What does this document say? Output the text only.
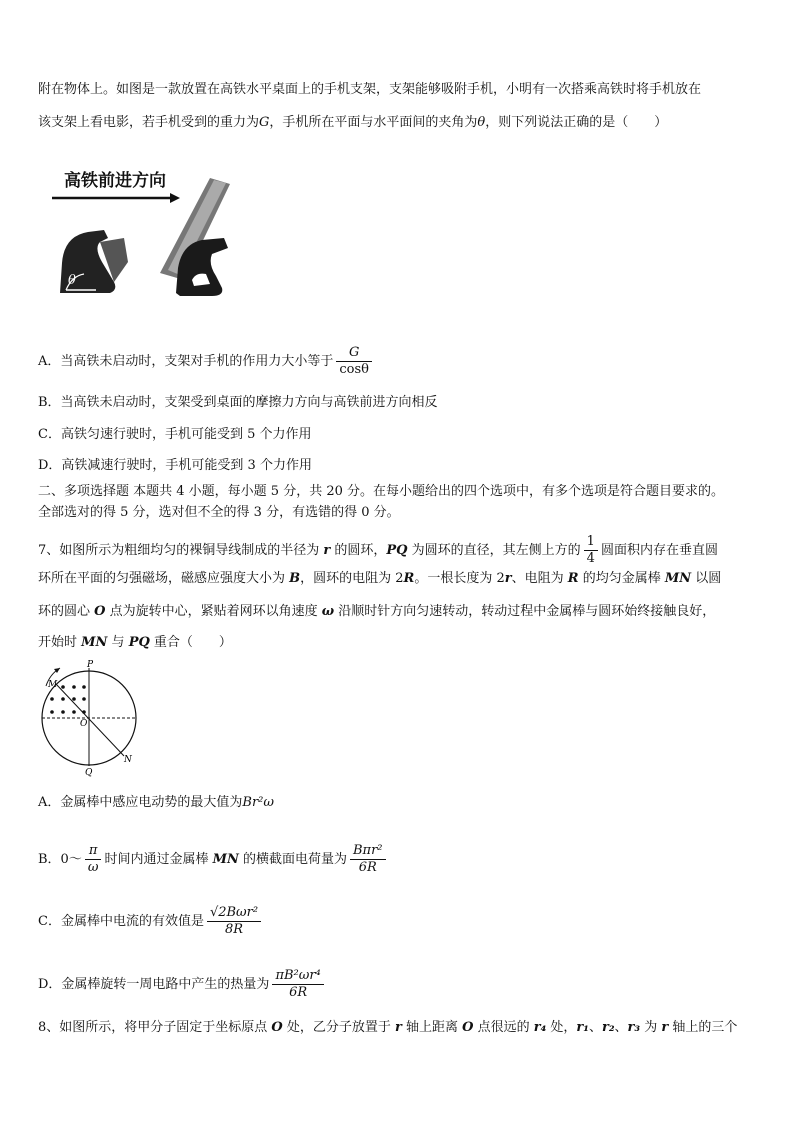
附在物体上。如图是一款放置在高铁水平桌面上的手机支架，支架能够吸附手机，小明有一次搭乘高铁时将手机放在
该支架上看电影，若手机受到的重力为G，手机所在平面与水平面间的夹角为θ，则下列说法正确的是（　　）
高铁前进方向
θ
A．当高铁未启动时，支架对手机的作用力大小等于 $\frac{G}{\cos\theta}$
B．当高铁未启动时，支架受到桌面的摩擦力方向与高铁前进方向相反
C．高铁匀速行驶时，手机可能受到 5 个力作用
D．高铁减速行驶时，手机可能受到 3 个力作用
二、多项选择题 本题共 4 小题，每小题 5 分，共 20 分。在每小题给出的四个选项中，有多个选项是符合题目要求的。
全部选对的得 5 分，选对但不全的得 3 分，有选错的得 0 分。
7、如图所示为粗细均匀的裸铜导线制成的半径为 r 的圆环，PQ 为圆环的直径，其左侧上方的 $\frac{1}{4}$ 圆面积内存在垂直圆
环所在平面的匀强磁场，磁感应强度大小为 B，圆环的电阻为 2R。一根长度为 2r、电阻为 R 的均匀金属棒 MN 以圆
环的圆心 O 点为旋转中心，紧贴着网环以角速度 ω 沿顺时针方向匀速转动，转动过程中金属棒与圆环始终接触良好，
开始时 MN 与 PQ 重合（　　）
P
M
O
Q
N
A．金属棒中感应电动势的最大值为Br²ω
B．0～ $\frac{\pi}{\omega}$ 时间内通过金属棒 MN 的横截面电荷量为 $\frac{\text{Bπr²}}{6R}$
C．金属棒中电流的有效值是 $\frac{\text{√2Bωr²}}{8R}$
D．金属棒旋转一周电路中产生的热量为 $\frac{\text{πB²ωr⁴}}{6R}$
8、如图所示，将甲分子固定于坐标原点 O 处，乙分子放置于 r 轴上距离 O 点很远的 r₄ 处，r₁、r₂、r₃ 为 r 轴上的三个
